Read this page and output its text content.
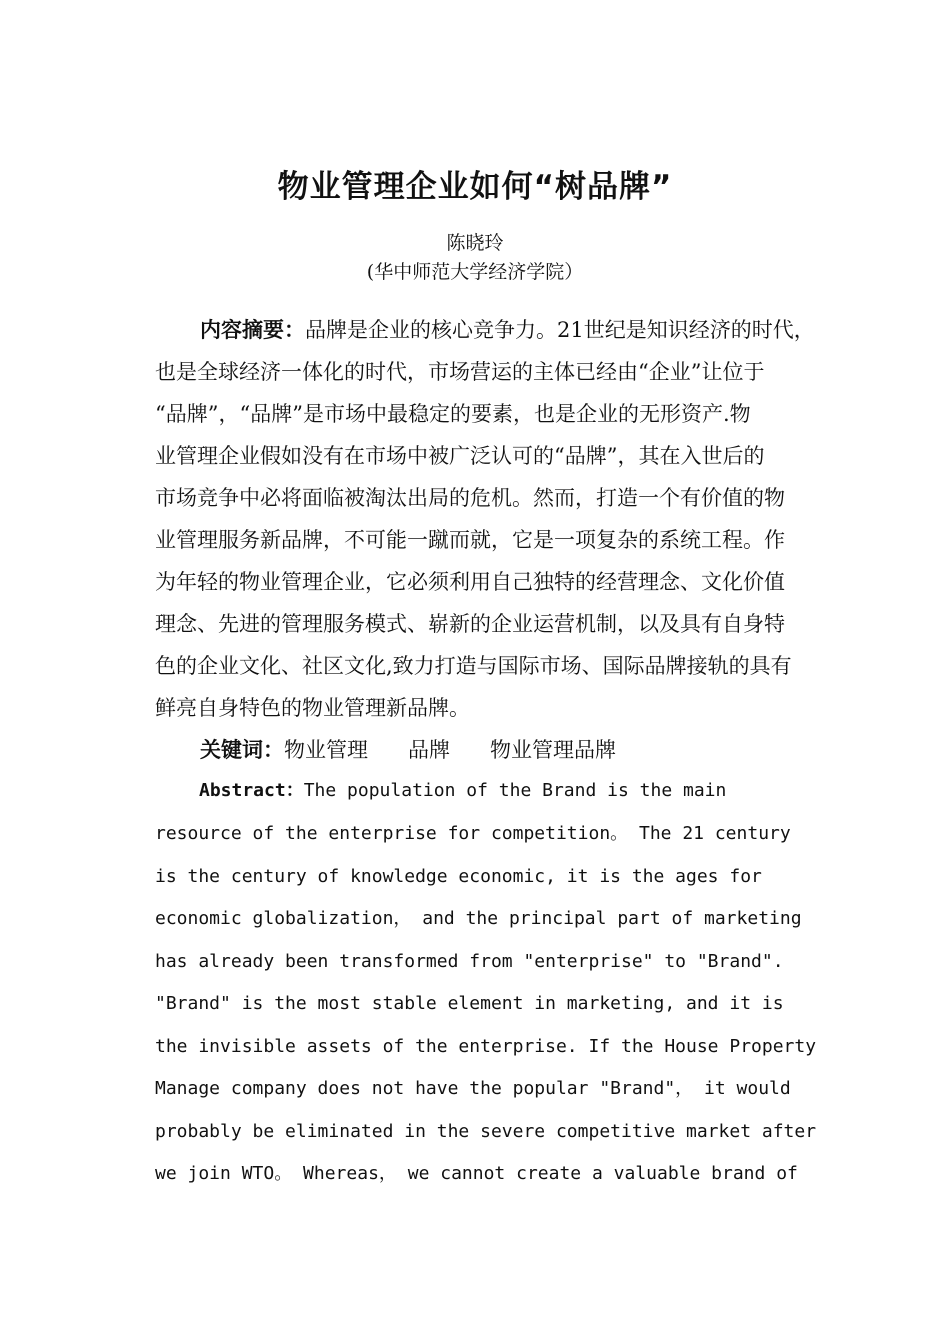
物业管理企业如何“树品牌”
陈晓玲
(华中师范大学经济学院）
内容摘要：品牌是企业的核心竞争力。21世纪是知识经济的时代，
也是全球经济一体化的时代，市场营运的主体已经由“企业”让位于
“品牌”，“品牌”是市场中最稳定的要素，也是企业的无形资产.物
业管理企业假如没有在市场中被广泛认可的“品牌”，其在入世后的
市场竞争中必将面临被淘汰出局的危机。然而，打造一个有价值的物
业管理服务新品牌，不可能一蹴而就，它是一项复杂的系统工程。作
为年轻的物业管理企业，它必须利用自己独特的经营理念、文化价值
理念、先进的管理服务模式、崭新的企业运营机制，以及具有自身特
色的企业文化、社区文化,致力打造与国际市场、国际品牌接轨的具有
鲜亮自身特色的物业管理新品牌。
关键词：物业管理 品牌 物业管理品牌
Abstract：The population of the Brand is the main
resource of the enterprise for competition。 The 21 century
is the century of knowledge economic, it is the ages for
economic globalization， and the principal part of marketing
has already been transformed from "enterprise" to "Brand".
"Brand" is the most stable element in marketing, and it is
the invisible assets of the enterprise. If the House Property
Manage company does not have the popular "Brand"， it would
probably be eliminated in the severe competitive market after
we join WTO。 Whereas， we cannot create a valuable brand of
